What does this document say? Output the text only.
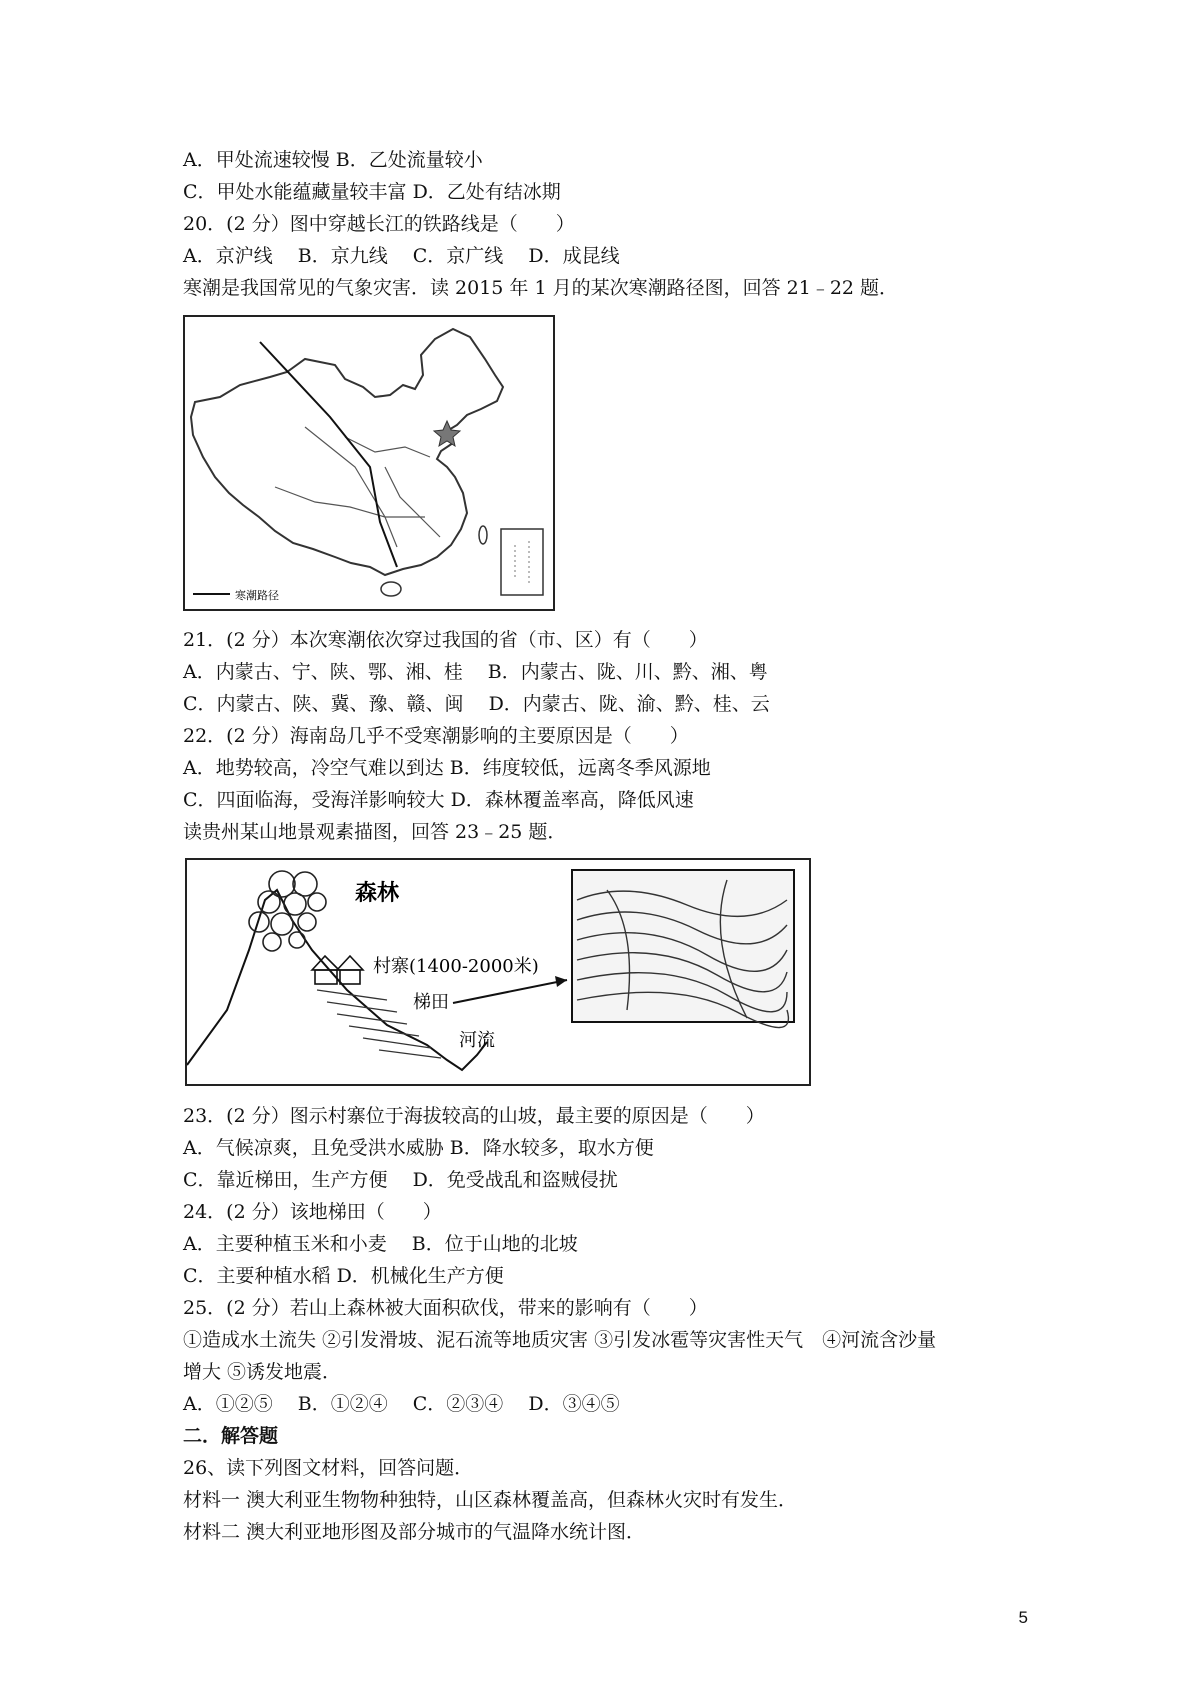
A．甲处流速较慢 B．乙处流量较小
C．甲处水能蕴藏量较丰富 D．乙处有结冰期
20．(2 分）图中穿越长江的铁路线是（　　）
A．京沪线　 B．京九线　 C．京广线　 D．成昆线
寒潮是我国常见的气象灾害．读 2015 年 1 月的某次寒潮路径图，回答 21﹣22 题．
寒潮路径
21．(2 分）本次寒潮依次穿过我国的省（市、区）有（　　）
A．内蒙古、宁、陕、鄂、湘、桂　 B．内蒙古、陇、川、黔、湘、粤
C．内蒙古、陕、冀、豫、赣、闽　 D．内蒙古、陇、渝、黔、桂、云
22．(2 分）海南岛几乎不受寒潮影响的主要原因是（　　）
A．地势较高，冷空气难以到达 B．纬度较低，远离冬季风源地
C．四面临海，受海洋影响较大 D．森林覆盖率高，降低风速
读贵州某山地景观素描图，回答 23﹣25 题．
森林
村寨(1400-2000米)
梯田
河流
23．(2 分）图示村寨位于海拔较高的山坡，最主要的原因是（　　）
A．气候凉爽，且免受洪水威胁 B．降水较多，取水方便
C．靠近梯田，生产方便　 D．免受战乱和盗贼侵扰
24．(2 分）该地梯田（　　）
A．主要种植玉米和小麦　 B．位于山地的北坡
C．主要种植水稻 D．机械化生产方便
25．(2 分）若山上森林被大面积砍伐，带来的影响有（　　）
①造成水土流失 ②引发滑坡、泥石流等地质灾害 ③引发冰雹等灾害性天气　④河流含沙量
增大 ⑤诱发地震．
A．①②⑤　 B．①②④　 C．②③④　 D．③④⑤
二．解答题
26、读下列图文材料，回答问题．
材料一 澳大利亚生物物种独特，山区森林覆盖高，但森林火灾时有发生．
材料二 澳大利亚地形图及部分城市的气温降水统计图．
5
